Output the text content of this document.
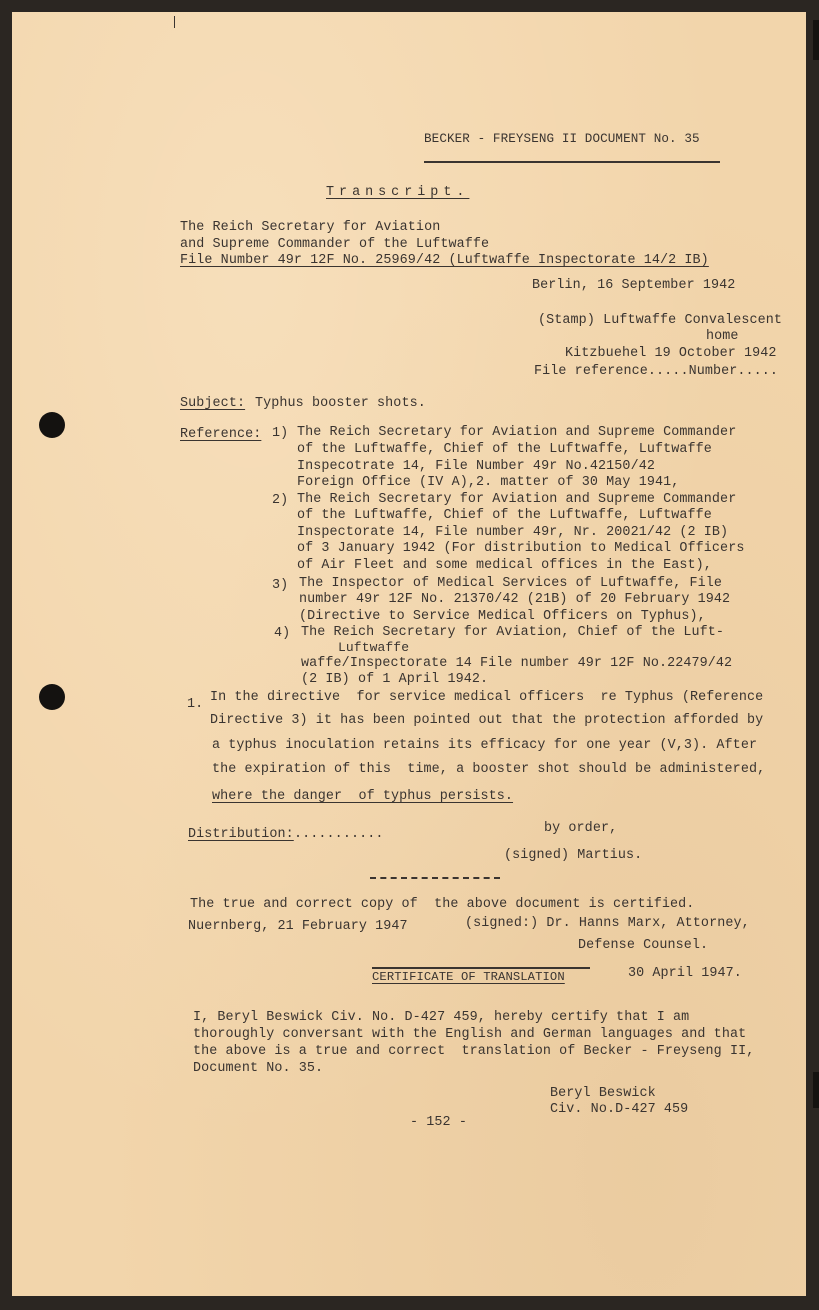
BECKER - FREYSENG II DOCUMENT No. 35
Transcript.
The Reich Secretary for Aviation
and Supreme Commander of the Luftwaffe
File Number 49r 12F No. 25969/42 (Luftwaffe Inspectorate 14/2 IB)
Berlin, 16 September 1942
(Stamp) Luftwaffe Convalescent
home
Kitzbuehel 19 October 1942
File reference.....Number.....
Subject: Typhus booster shots.
Reference: 1) The Reich Secretary for Aviation and Supreme Commander
of the Luftwaffe, Chief of the Luftwaffe, Luftwaffe
Inspecotrate 14, File Number 49r No.42150/42
Foreign Office (IV A),2. matter of 30 May 1941,
2) The Reich Secretary for Aviation and Supreme Commander
of the Luftwaffe, Chief of the Luftwaffe, Luftwaffe
Inspectorate 14, File number 49r, Nr. 20021/42 (2 IB)
of 3 January 1942 (For distribution to Medical Officers
of Air Fleet and some medical offices in the East),
3) The Inspector of Medical Services of Luftwaffe, File
number 49r 12F No. 21370/42 (21B) of 20 February 1942
(Directive to Service Medical Officers on Typhus),
4) The Reich Secretary for Aviation, Chief of the Luft-
Luftwaffe
waffe/Inspectorate 14 File number 49r 12F No.22479/42
(2 IB) of 1 April 1942.
1. In the directive  for service medical officers  re Typhus (Reference
Directive 3) it has been pointed out that the protection afforded by
a typhus inoculation retains its efficacy for one year (V,3). After
the expiration of this  time, a booster shot should be administered,
where the danger  of typhus persists.
Distribution: ...........	by order,
(signed) Martius.
The true and correct copy of  the above document is certified.
Nuernberg, 21 February 1947	(signed:) Dr. Hanns Marx, Attorney,
Defense Counsel.
CERTIFICATE OF TRANSLATION	30 April 1947.
I, Beryl Beswick Civ. No. D-427 459, hereby certify that I am
thoroughly conversant with the English and German languages and that
the above is a true and correct  translation of Becker - Freyseng II,
Document No. 35.
Beryl Beswick
Civ. No.D-427 459
- 152 -
